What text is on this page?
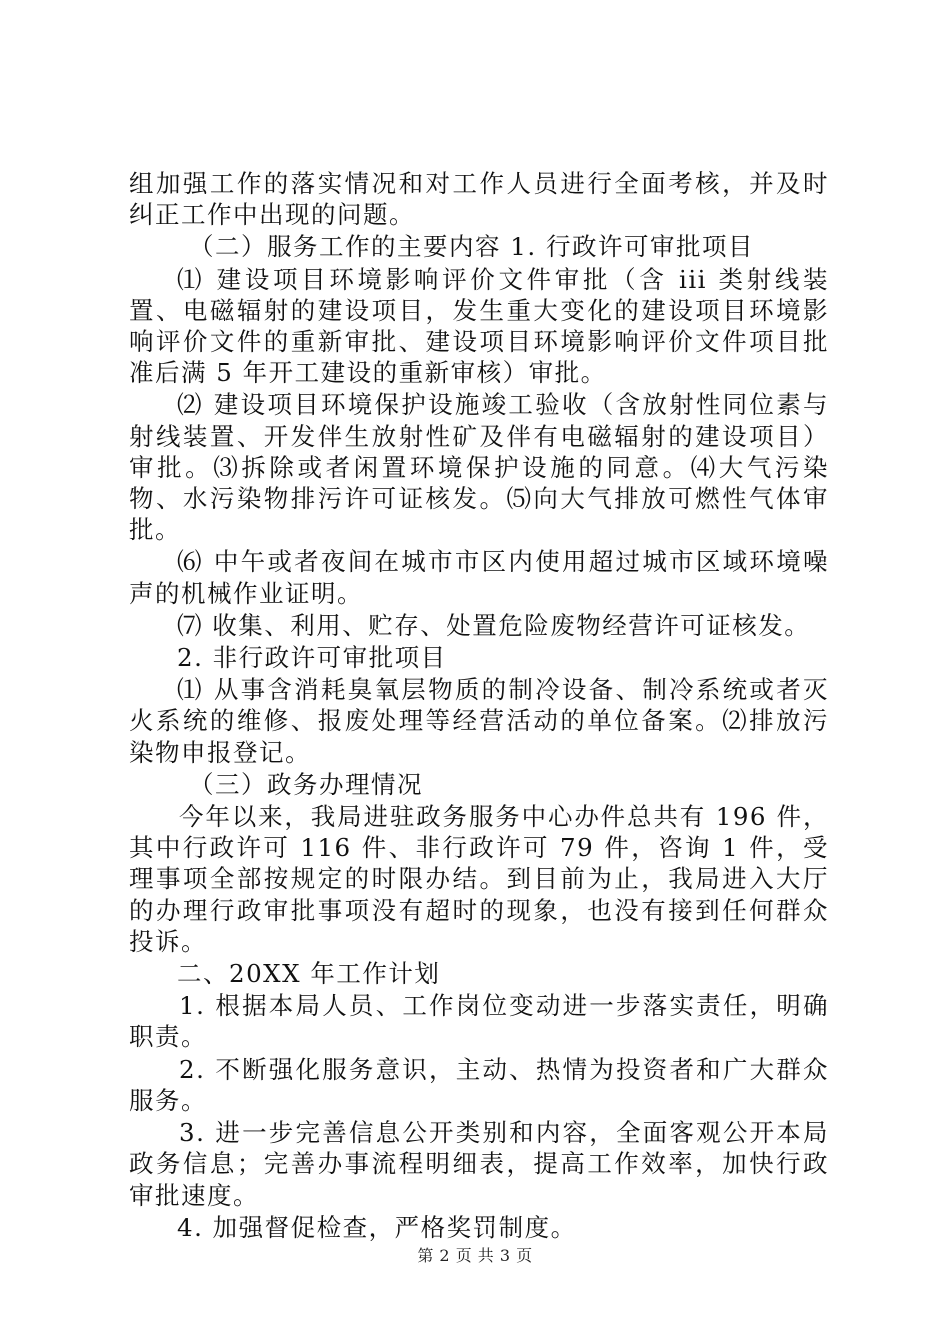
组加强工作的落实情况和对工作人员进行全面考核，并及时纠正工作中出现的问题。

（二）服务工作的主要内容 1. 行政许可审批项目

⑴ 建设项目环境影响评价文件审批（含 iii 类射线装置、电磁辐射的建设项目，发生重大变化的建设项目环境影响评价文件的重新审批、建设项目环境影响评价文件项目批准后满 5 年开工建设的重新审核）审批。

⑵ 建设项目环境保护设施竣工验收（含放射性同位素与射线装置、开发伴生放射性矿及伴有电磁辐射的建设项目）审批。⑶拆除或者闲置环境保护设施的同意。⑷大气污染物、水污染物排污许可证核发。⑸向大气排放可燃性气体审批。

⑹ 中午或者夜间在城市市区内使用超过城市区域环境噪声的机械作业证明。

⑺ 收集、利用、贮存、处置危险废物经营许可证核发。

2. 非行政许可审批项目

⑴ 从事含消耗臭氧层物质的制冷设备、制冷系统或者灭火系统的维修、报废处理等经营活动的单位备案。⑵排放污染物申报登记。

（三）政务办理情况

今年以来，我局进驻政务服务中心办件总共有 196 件，其中行政许可 116 件、非行政许可 79 件，咨询 1 件，受理事项全部按规定的时限办结。到目前为止，我局进入大厅的办理行政审批事项没有超时的现象，也没有接到任何群众投诉。

二、20XX 年工作计划

1. 根据本局人员、工作岗位变动进一步落实责任，明确职责。

2. 不断强化服务意识，主动、热情为投资者和广大群众服务。

3. 进一步完善信息公开类别和内容，全面客观公开本局政务信息；完善办事流程明细表，提高工作效率，加快行政审批速度。

4. 加强督促检查，严格奖罚制度。

第 2 页 共 3 页
